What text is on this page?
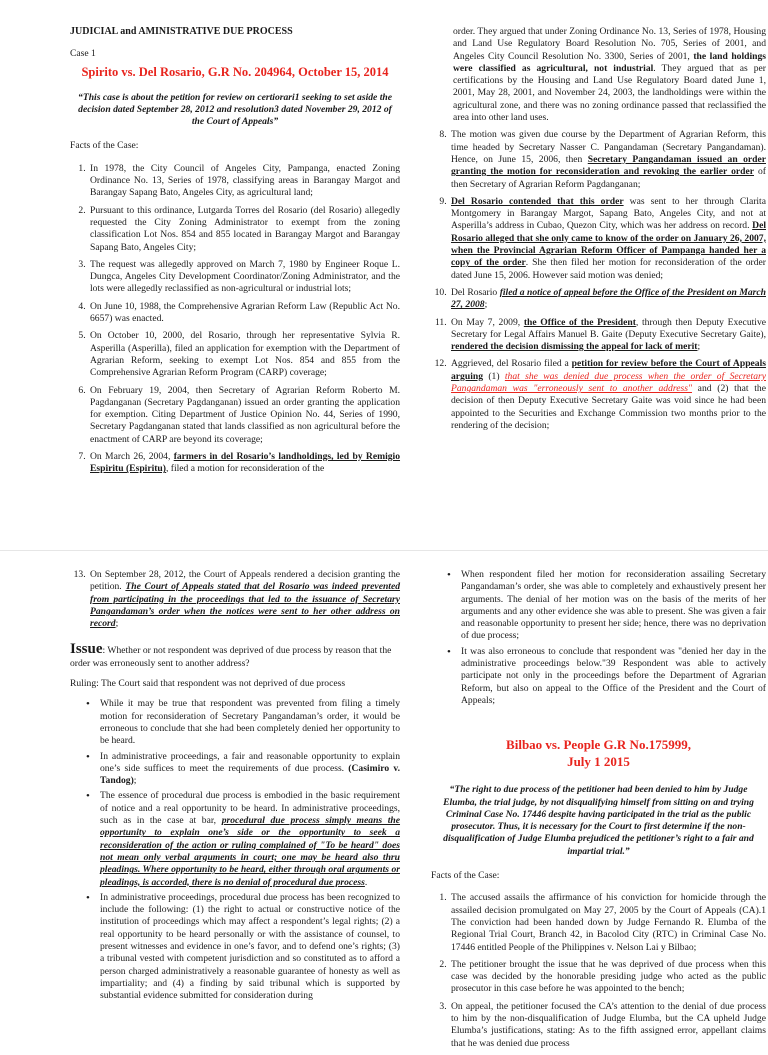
JUDICIAL and AMINISTRATIVE DUE PROCESS

Case 1

Spirito vs. Del Rosario, G.R No. 204964, October 15, 2014

“This case is about the petition for review on certiorari1 seeking to set aside the decision dated September 28, 2012 and resolution3 dated November 29, 2012 of the Court of Appeals”

Facts of the Case:

1. In 1978, the City Council of Angeles City, Pampanga, enacted Zoning Ordinance No. 13, Series of 1978, classifying areas in Barangay Margot and Barangay Sapang Bato, Angeles City, as agricultural land;
2. Pursuant to this ordinance, Lutgarda Torres del Rosario (del Rosario) allegedly requested the City Zoning Administrator to exempt from the zoning classification Lot Nos. 854 and 855 located in Barangay Margot and Barangay Sapang Bato, Angeles City;
3. The request was allegedly approved on March 7, 1980 by Engineer Roque L. Dungca, Angeles City Development Coordinator/Zoning Administrator, and the lots were allegedly reclassified as non-agricultural or industrial lots;
4. On June 10, 1988, the Comprehensive Agrarian Reform Law (Republic Act No. 6657) was enacted.
5. On October 10, 2000, del Rosario, through her representative Sylvia R. Asperilla (Asperilla), filed an application for exemption with the Department of Agrarian Reform, seeking to exempt Lot Nos. 854 and 855 from the Comprehensive Agrarian Reform Program (CARP) coverage;
6. On February 19, 2004, then Secretary of Agrarian Reform Roberto M. Pagdanganan (Secretary Pagdanganan) issued an order granting the application for exemption. Citing Department of Justice Opinion No. 44, Series of 1990, Secretary Pagdanganan stated that lands classified as non agricultural before the enactment of CARP are beyond its coverage;
7. On March 26, 2004, farmers in del Rosario’s landholdings, led by Remigio Espiritu (Espiritu), filed a motion for reconsideration of the
order. They argued that under Zoning Ordinance No. 13, Series of 1978, Housing and Land Use Regulatory Board Resolution No. 705, Series of 2001, and Angeles City Council Resolution No. 3300, Series of 2001, the land holdings were classified as agricultural, not industrial. They argued that as per certifications by the Housing and Land Use Regulatory Board dated June 1, 2001, May 28, 2001, and November 24, 2003, the landholdings were within the agricultural zone, and there was no zoning ordinance passed that reclassified the area into other land uses.
8. The motion was given due course by the Department of Agrarian Reform, this time headed by Secretary Nasser C. Pangandaman (Secretary Pangandaman). Hence, on June 15, 2006, then Secretary Pangandaman issued an order granting the motion for reconsideration and revoking the earlier order of then Secretary of Agrarian Reform Pagdanganan;
9. Del Rosario contended that this order was sent to her through Clarita Montgomery in Barangay Margot, Sapang Bato, Angeles City, and not at Asperilla’s address in Cubao, Quezon City, which was her address on record. Del Rosario alleged that she only came to know of the order on January 26, 2007, when the Provincial Agrarian Reform Officer of Pampanga handed her a copy of the order. She then filed her motion for reconsideration of the order dated June 15, 2006. However said motion was denied;
10. Del Rosario filed a notice of appeal before the Office of the President on March 27, 2008;
11. On May 7, 2009, the Office of the President, through then Deputy Executive Secretary for Legal Affairs Manuel B. Gaite (Deputy Executive Secretary Gaite), rendered the decision dismissing the appeal for lack of merit;
12. Aggrieved, del Rosario filed a petition for review before the Court of Appeals arguing (1) that she was denied due process when the order of Secretary Pangandaman was "erroneously sent to another address" and (2) that the decision of then Deputy Executive Secretary Gaite was void since he had been appointed to the Securities and Exchange Commission two months prior to the rendering of the decision;
13. On September 28, 2012, the Court of Appeals rendered a decision granting the petition. The Court of Appeals stated that del Rosario was indeed prevented from participating in the proceedings that led to the issuance of Secretary Pangandaman’s order when the notices were sent to her other address on record;

Issue: Whether or not respondent was deprived of due process by reason that the order was erroneously sent to another address?

Ruling: The Court said that respondent was not deprived of due process

• While it may be true that respondent was prevented from filing a timely motion for reconsideration of Secretary Pangandaman’s order, it would be erroneous to conclude that she had been completely denied her opportunity to be heard.
• In administrative proceedings, a fair and reasonable opportunity to explain one’s side suffices to meet the requirements of due process. (Casimiro v. Tandog);
• The essence of procedural due process is embodied in the basic requirement of notice and a real opportunity to be heard. In administrative proceedings, such as in the case at bar, procedural due process simply means the opportunity to explain one’s side or the opportunity to seek a reconsideration of the action or ruling complained of "To be heard" does not mean only verbal arguments in court; one may be heard also thru pleadings. Where opportunity to be heard, either through oral arguments or pleadings, is accorded, there is no denial of procedural due process.
• In administrative proceedings, procedural due process has been recognized to include the following: (1) the right to actual or constructive notice of the institution of proceedings which may affect a respondent’s legal rights; (2) a real opportunity to be heard personally or with the assistance of counsel, to present witnesses and evidence in one’s favor, and to defend one’s rights; (3) a tribunal vested with competent jurisdiction and so constituted as to afford a person charged administratively a reasonable guarantee of honesty as well as impartiality; and (4) a finding by said tribunal which is supported by substantial evidence submitted for consideration during
• When respondent filed her motion for reconsideration assailing Secretary Pangandaman’s order, she was able to completely and exhaustively present her arguments. The denial of her motion was on the basis of the merits of her arguments and any other evidence she was able to present. She was given a fair and reasonable opportunity to present her side; hence, there was no deprivation of due process;
• It was also erroneous to conclude that respondent was "denied her day in the administrative proceedings below."39 Respondent was able to actively participate not only in the proceedings before the Department of Agrarian Reform, but also on appeal to the Office of the President and the Court of Appeals;

Bilbao vs. People G.R No.175999,
July 1 2015

“The right to due process of the petitioner had been denied to him by Judge Elumba, the trial judge, by not disqualifying himself from sitting on and trying Criminal Case No. 17446 despite having participated in the trial as the public prosecutor. Thus, it is necessary for the Court to first determine if the non-disqualification of Judge Elumba prejudiced the petitioner’s right to a fair and impartial trial.”

Facts of the Case:

1. The accused assails the affirmance of his conviction for homicide through the assailed decision promulgated on May 27, 2005 by the Court of Appeals (CA).1 The conviction had been handed down by Judge Fernando R. Elumba of the Regional Trial Court, Branch 42, in Bacolod City (RTC) in Criminal Case No. 17446 entitled People of the Philippines v. Nelson Lai y Bilbao;
2. The petitioner brought the issue that he was deprived of due process when this case was decided by the honorable presiding judge who acted as the public prosecutor in this case before he was appointed to the bench;
3. On appeal, the petitioner focused the CA’s attention to the denial of due process to him by the non-disqualification of Judge Elumba, but the CA upheld Judge Elumba’s justifications, stating: As to the fifth assigned error, appellant claims that he was denied due process
